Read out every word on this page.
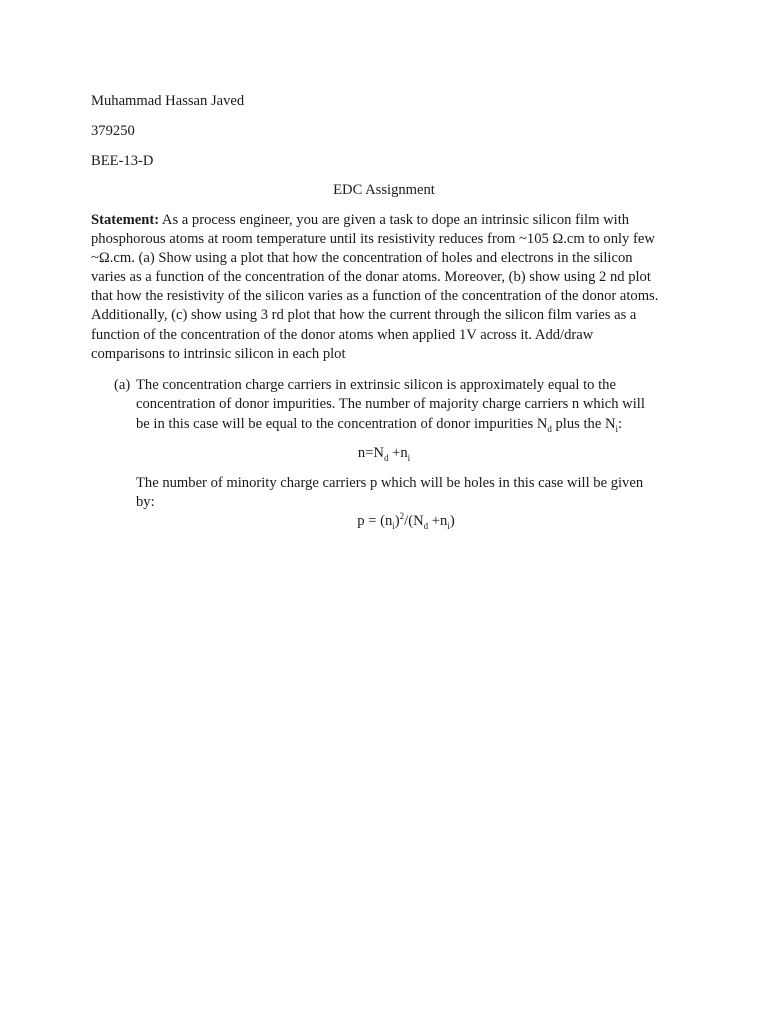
Muhammad Hassan Javed
379250
BEE-13-D
EDC Assignment
Statement: As a process engineer, you are given a task to dope an intrinsic silicon film with
phosphorous atoms at room temperature until its resistivity reduces from ~105 Ω.cm to only few
~Ω.cm. (a) Show using a plot that how the concentration of holes and electrons in the silicon
varies as a function of the concentration of the donar atoms. Moreover, (b) show using 2 nd plot
that how the resistivity of the silicon varies as a function of the concentration of the donor atoms.
Additionally, (c) show using 3 rd plot that how the current through the silicon film varies as a
function of the concentration of the donor atoms when applied 1V across it. Add/draw
comparisons to intrinsic silicon in each plot
(a) The concentration charge carriers in extrinsic silicon is approximately equal to the
concentration of donor impurities. The number of majority charge carriers n which will
be in this case will be equal to the concentration of donor impurities $N_d$ plus the $N_i$:
$n=N_d +n_i$
The number of minority charge carriers p which will be holes in this case will be given
by:
$p = (n_i)^2/(N_d +n_i)$
